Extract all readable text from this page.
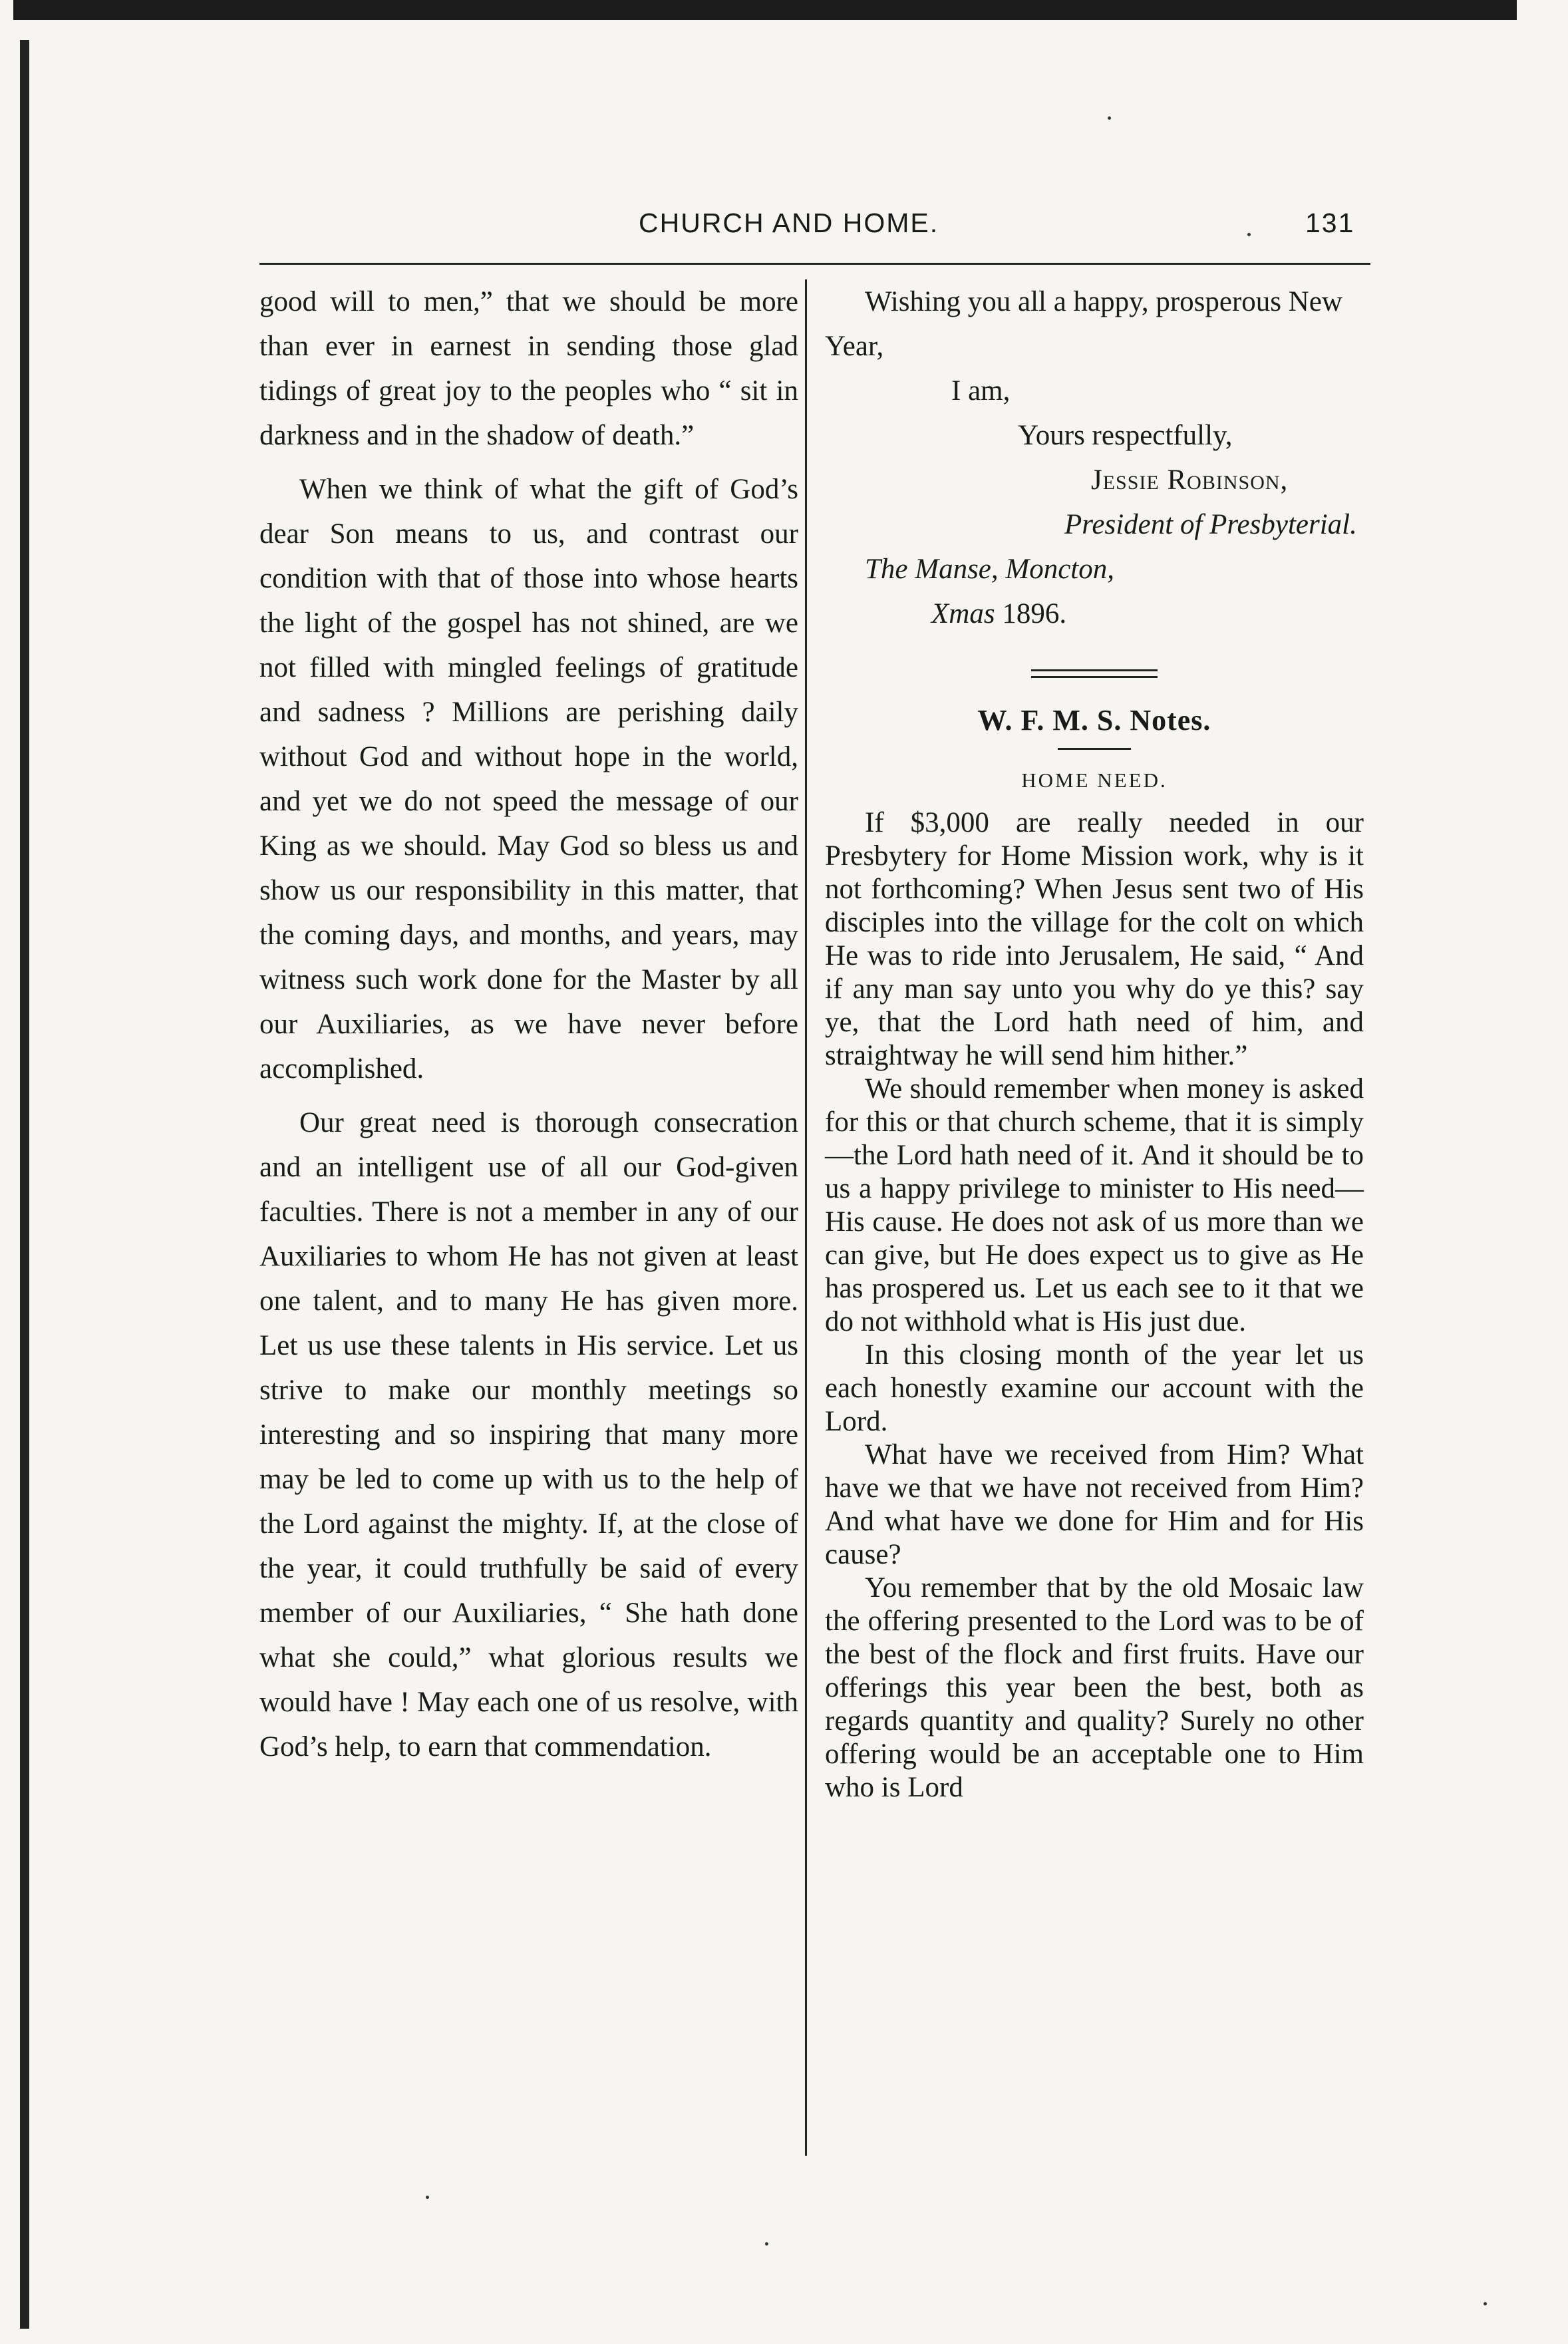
CHURCH AND HOME.	131

good will to men,” that we should be more than ever in earnest in sending those glad tidings of great joy to the peoples who “ sit in darkness and in the shadow of death.”

When we think of what the gift of God’s dear Son means to us, and contrast our condition with that of those into whose hearts the light of the gospel has not shined, are we not filled with mingled feelings of gratitude and sadness ? Millions are perishing daily without God and without hope in the world, and yet we do not speed the message of our King as we should. May God so bless us and show us our responsibility in this matter, that the coming days, and months, and years, may witness such work done for the Master by all our Auxiliaries, as we have never before accomplished.

Our great need is thorough consecration and an intelligent use of all our God-given faculties. There is not a member in any of our Auxiliaries to whom He has not given at least one talent, and to many He has given more. Let us use these talents in His service. Let us strive to make our monthly meetings so interesting and so inspiring that many more may be led to come up with us to the help of the Lord against the mighty. If, at the close of the year, it could truthfully be said of every member of our Auxiliaries, “ She hath done what she could,” what glorious results we would have ! May each one of us resolve, with God’s help, to earn that commendation.

Wishing you all a happy, prosperous New Year,

I am,

Yours respectfully,

Jessie Robinson,

President of Presbyterial.

The Manse, Moncton,

Xmas 1896.

W. F. M. S. Notes.
HOME NEED.

If $3,000 are really needed in our Presbytery for Home Mission work, why is it not forthcoming? When Jesus sent two of His disciples into the village for the colt on which He was to ride into Jerusalem, He said, “ And if any man say unto you why do ye this? say ye, that the Lord hath need of him, and straightway he will send him hither.”

We should remember when money is asked for this or that church scheme, that it is simply—the Lord hath need of it. And it should be to us a happy privilege to minister to His need—His cause. He does not ask of us more than we can give, but He does expect us to give as He has prospered us. Let us each see to it that we do not withhold what is His just due.

In this closing month of the year let us each honestly examine our account with the Lord.

What have we received from Him? What have we that we have not received from Him? And what have we done for Him and for His cause?

You remember that by the old Mosaic law the offering presented to the Lord was to be of the best of the flock and first fruits. Have our offerings this year been the best, both as regards quantity and quality? Surely no other offering would be an acceptable one to Him who is Lord
